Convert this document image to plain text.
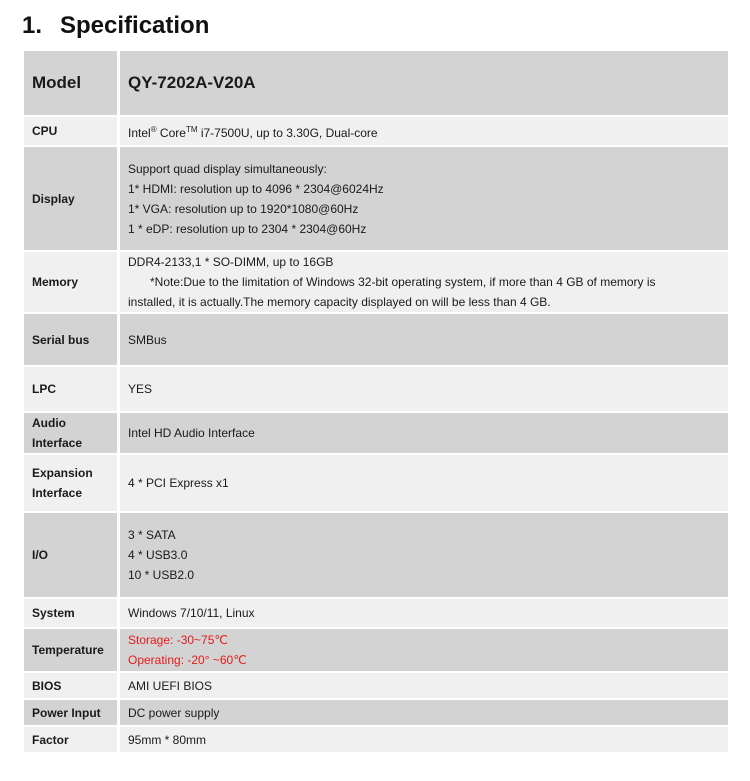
1. Specification
Model	QY-7202A-V20A
CPU	Intel® Core™ i7-7500U, up to 3.30G, Dual-core
Display	Support quad display simultaneously:
1* HDMI: resolution up to 4096 * 2304@6024Hz
1* VGA: resolution up to 1920*1080@60Hz
1 * eDP: resolution up to 2304 * 2304@60Hz

Memory	DDR4-2133,1 * SO-DIMM, up to 16GB
*Note:Due to the limitation of Windows 32-bit operating system, if more than 4 GB of memory is
installed, it is actually.The memory capacity displayed on will be less than 4 GB.

Serial bus	SMBus
LPC	YES

Audio
Interface	Intel HD Audio Interface

Expansion
Interface	4 * PCI Express x1
I/O	3 * SATA
4 * USB3.0
10 * USB2.0

System	Windows 7/10/11, Linux
Temperature	Storage: -30~75℃
Operating: -20° ~60℃

BIOS	AMI UEFI BIOS
Power Input	DC power supply
Factor	95mm * 80mm
